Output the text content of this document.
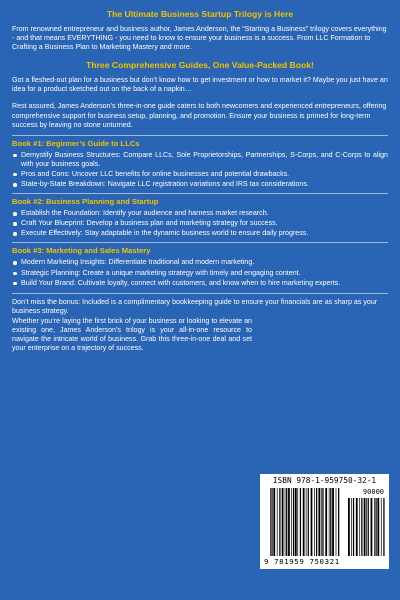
The Ultimate Business Startup Trilogy is Here

From renowned entrepreneur and business author, James Anderson, the “Starting a Business” trilogy covers everything - and that means EVERYTHING - you need to know to ensure your business is a success. From LLC Formation to Crafting a Business Plan to Marketing Mastery and more.

Three Comprehensive Guides, One Value-Packed Book!

Got a fleshed-out plan for a business but don’t know how to get investment or how to market it? Maybe you just have an idea for a product sketched out on the back of a napkin…

Rest assured, James Anderson’s three-in-one guide caters to both newcomers and experienced entrepreneurs, offering comprehensive support for business setup, planning, and promotion. Ensure your business is primed for long-term success by leaving no stone unturned.

Book #1: Beginner’s Guide to LLCs
Demystify Business Structures: Compare LLCs, Sole Proprietorships, Partnerships, S-Corps, and C-Corps to align with your business goals.
Pros and Cons: Uncover LLC benefits for online businesses and potential drawbacks.
State-by-State Breakdown: Navigate LLC registration variations and IRS tax considerations.
Book #2: Business Planning and Startup
Establish the Foundation: Identify your audience and harness market research.
Craft Your Blueprint: Develop a business plan and marketing strategy for success.
Execute Effectively: Stay adaptable in the dynamic business world to ensure daily progress.
Book #3: Marketing and Sales Mastery
Modern Marketing Insights: Differentiate traditional and modern marketing.
Strategic Planning: Create a unique marketing strategy with timely and engaging content.
Build Your Brand: Cultivate loyalty, connect with customers, and know when to hire marketing experts.

Don’t miss the bonus: Included is a complimentary bookkeeping guide to ensure your financials are as sharp as your business strategy.

Whether you’re laying the first brick of your business or looking to elevate an existing one, James Anderson’s trilogy is your all-in-one resource to navigate the intricate world of business. Grab this three-in-one deal and set your enterprise on a trajectory of success.

ISBN 978-1-959750-32-1
90000
9 781959 750321
